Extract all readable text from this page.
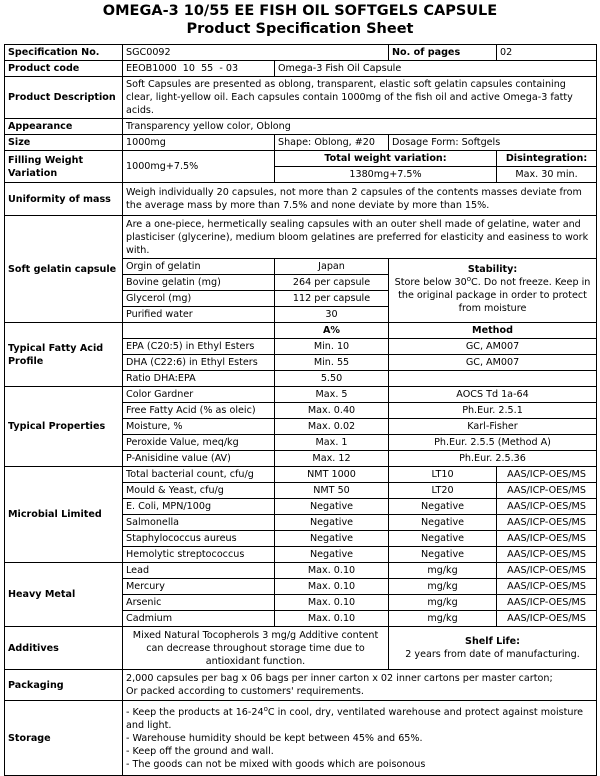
OMEGA-3 10/55 EE FISH OIL SOFTGELS CAPSULE
Product Specification Sheet
Specification No.	SGC0092		No. of pages	02
Product code	EEOB1000  10  55  - 03	Omega-3 Fish Oil Capsule		
Product Description	Soft Capsules are presented as oblong, transparent, elastic soft gelatin capsules containing clear, light-yellow oil. Each capsules contain 1000mg of the fish oil and active Omega-3 fatty acids.			
Appearance	Transparency yellow color, Oblong			
Size	1000mg	Shape: Oblong, #20	Dosage Form: Softgels	
Filling Weight Variation	1000mg+7.5%	Total weight variation:		Disintegration:
		1380mg+7.5%		Max. 30 min.
Uniformity of mass	Weigh individually 20 capsules, not more than 2 capsules of the contents masses deviate from the average mass by more than 7.5% and none deviate by more than 15%.			
Soft gelatin capsule	Are a one-piece, hermetically sealing capsules with an outer shell made of gelatine, water and plasticiser (glycerine), medium bloom gelatines are preferred for elasticity and easiness to work with.			
	Orgin of gelatin	Japan	Stability:
Store below 30$^o$C. Do not freeze. Keep in the original package in order to protect from moisture	

	Bovine gelatin (mg)	264 per capsule		
	Glycerol (mg)	112 per capsule		
	Purified water	30		
Typical Fatty Acid Profile		A%	Method	
	EPA (C20:5) in Ethyl Esters	Min. 10	GC, AM007	
	DHA (C22:6) in Ethyl Esters	Min. 55	GC, AM007	
	Ratio DHA:EPA	5.50		
Typical Properties	Color Gardner	Max. 5	AOCS Td 1a-64	
	Free Fatty Acid (% as oleic)	Max. 0.40	Ph.Eur. 2.5.1	
	Moisture, %	Max. 0.02	Karl-Fisher	
	Peroxide Value, meq/kg	Max. 1	Ph.Eur. 2.5.5 (Method A)	
	P-Anisidine value (AV)	Max. 12	Ph.Eur. 2.5.36	
Microbial Limited	Total bacterial count, cfu/g	NMT 1000	LT10	AAS/ICP-OES/MS
	Mould & Yeast, cfu/g	NMT 50	LT20	AAS/ICP-OES/MS
	E. Coli, MPN/100g	Negative	Negative	AAS/ICP-OES/MS
	Salmonella	Negative	Negative	AAS/ICP-OES/MS
	Staphylococcus aureus	Negative	Negative	AAS/ICP-OES/MS
	Hemolytic streptococcus	Negative	Negative	AAS/ICP-OES/MS
Heavy Metal	Lead	Max. 0.10	mg/kg	AAS/ICP-OES/MS
	Mercury	Max. 0.10	mg/kg	AAS/ICP-OES/MS
	Arsenic	Max. 0.10	mg/kg	AAS/ICP-OES/MS
	Cadmium	Max. 0.10	mg/kg	AAS/ICP-OES/MS
Additives	Mixed Natural Tocopherols 3 mg/g Additive content can decrease throughout storage time due to antioxidant function.		Shelf Life:
2 years from date of manufacturing.	

Packaging	2,000 capsules per bag x 06 bags per inner carton x 02 inner cartons per master carton;
Or packed according to customers' requirements.			

Storage	- Keep the products at 16-24$^o$C in cool, dry, ventilated warehouse and protect against moisture and light.
- Warehouse humidity should be kept between 45% and 65%.
- Keep off the ground and wall.
- The goods can not be mixed with goods which are poisonous			
